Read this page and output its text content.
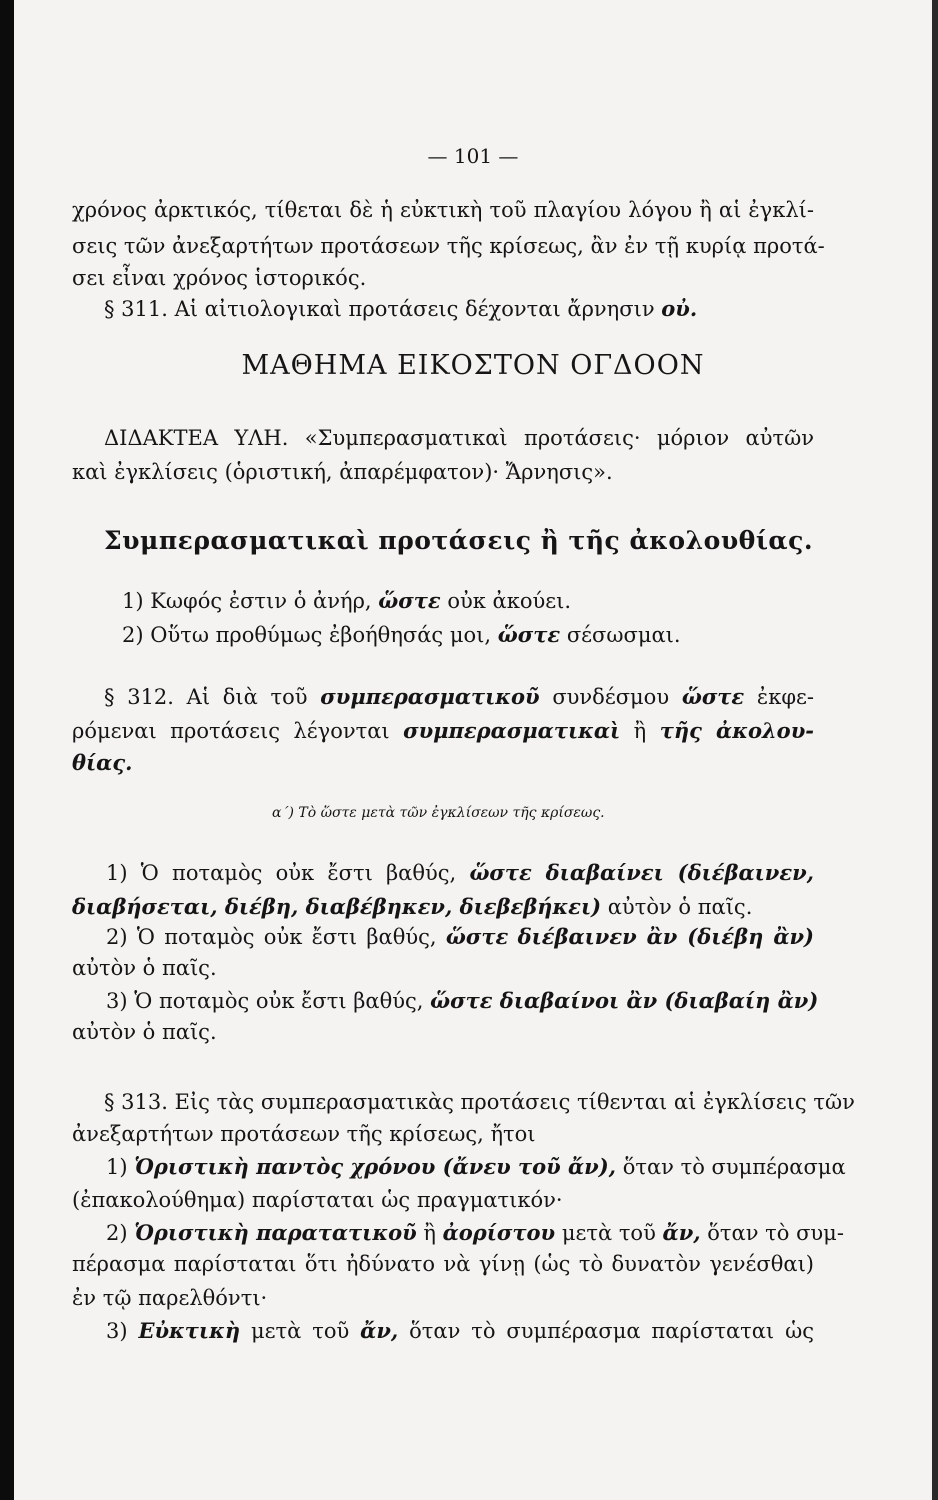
— 101 —
χρόνος ἀρκτικός, τίθεται δὲ ἡ εὐκτικὴ τοῦ πλαγίου λόγου ἢ αἱ ἐγκλί-
σεις τῶν ἀνεξαρτήτων προτάσεων τῆς κρίσεως, ἂν ἐν τῇ κυρίᾳ προτά-
σει εἶναι χρόνος ἱστορικός.
§ 311. Αἱ αἰτιολογικαὶ προτάσεις δέχονται ἄρνησιν οὐ.
ΜΑΘΗΜΑ ΕΙΚΟΣΤΟΝ ΟΓΔΟΟΝ
ΔΙΔΑΚΤΕΑ ΥΛΗ. «Συμπερασματικαὶ προτάσεις· μόριον αὐτῶν
καὶ ἐγκλίσεις (ὁριστική, ἀπαρέμφατον)· Ἄρνησις».
Συμπερασματικαὶ προτάσεις ἢ τῆς ἀκολουθίας.
1) Κωφός ἐστιν ὁ ἀνήρ, ὥστε οὐκ ἀκούει.
2) Οὕτω προθύμως ἐβοήθησάς μοι, ὥστε σέσωσμαι.
§ 312. Αἱ διὰ τοῦ συμπερασματικοῦ συνδέσμου ὥστε ἐκφε-
ρόμεναι προτάσεις λέγονται συμπερασματικαὶ ἢ τῆς ἀκολου-
θίας.
α΄) Τὸ ὥστε μετὰ τῶν ἐγκλίσεων τῆς κρίσεως.
1) Ὁ ποταμὸς οὐκ ἔστι βαθύς, ὥστε διαβαίνει (διέβαινεν,
διαβήσεται, διέβη, διαβέβηκεν, διεβεβήκει) αὐτὸν ὁ παῖς.
2) Ὁ ποταμὸς οὐκ ἔστι βαθύς, ὥστε διέβαινεν ἂν (διέβη ἂν)
αὐτὸν ὁ παῖς.
3) Ὁ ποταμὸς οὐκ ἔστι βαθύς, ὥστε διαβαίνοι ἂν (διαβαίη ἂν)
αὐτὸν ὁ παῖς.
§ 313. Εἰς τὰς συμπερασματικὰς προτάσεις τίθενται αἱ ἐγκλίσεις τῶν
ἀνεξαρτήτων προτάσεων τῆς κρίσεως, ἤτοι
1) Ὁριστικὴ παντὸς χρόνου (ἄνευ τοῦ ἄν), ὅταν τὸ συμπέρασμα
(ἐπακολούθημα) παρίσταται ὡς πραγματικόν·
2) Ὁριστικὴ παρατατικοῦ ἢ ἀορίστου μετὰ τοῦ ἄν, ὅταν τὸ συμ-
πέρασμα παρίσταται ὅτι ἠδύνατο νὰ γίνῃ (ὡς τὸ δυνατὸν γενέσθαι)
ἐν τῷ παρελθόντι·
3) Εὐκτικὴ μετὰ τοῦ ἄν, ὅταν τὸ συμπέρασμα παρίσταται ὡς
